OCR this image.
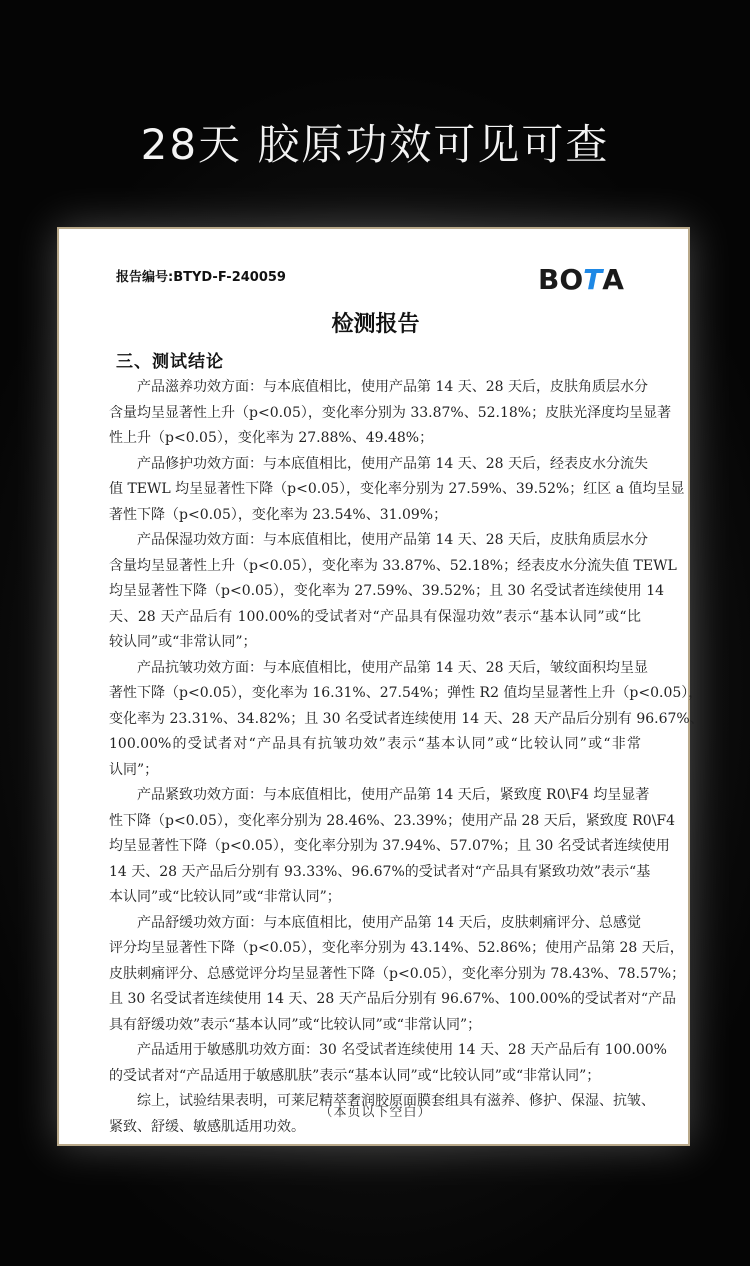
28天 胶原功效可见可查
报告编号:BTYD-F-240059	BOTA
检测报告
三、测试结论
产品滋养功效方面：与本底值相比，使用产品第 14 天、28 天后，皮肤角质层水分
含量均呈显著性上升（p<0.05），变化率分别为 33.87%、52.18%；皮肤光泽度均呈显著
性上升（p<0.05），变化率为 27.88%、49.48%；
产品修护功效方面：与本底值相比，使用产品第 14 天、28 天后，经表皮水分流失
值 TEWL 均呈显著性下降（p<0.05），变化率分别为 27.59%、39.52%；红区 a 值均呈显
著性下降（p<0.05），变化率为 23.54%、31.09%；
产品保湿功效方面：与本底值相比，使用产品第 14 天、28 天后，皮肤角质层水分
含量均呈显著性上升（p<0.05），变化率为 33.87%、52.18%；经表皮水分流失值 TEWL
均呈显著性下降（p<0.05），变化率为 27.59%、39.52%；且 30 名受试者连续使用 14
天、28 天产品后有 100.00%的受试者对“产品具有保湿功效”表示“基本认同”或“比
较认同”或“非常认同”；
产品抗皱功效方面：与本底值相比，使用产品第 14 天、28 天后，皱纹面积均呈显
著性下降（p<0.05），变化率为 16.31%、27.54%；弹性 R2 值均呈显著性上升（p<0.05），
变化率为 23.31%、34.82%；且 30 名受试者连续使用 14 天、28 天产品后分别有 96.67%、
100.00%的受试者对“产品具有抗皱功效”表示“基本认同”或“比较认同”或“非常
认同”；
产品紧致功效方面：与本底值相比，使用产品第 14 天后，紧致度 R0\F4 均呈显著
性下降（p<0.05），变化率分别为 28.46%、23.39%；使用产品 28 天后，紧致度 R0\F4
均呈显著性下降（p<0.05），变化率分别为 37.94%、57.07%；且 30 名受试者连续使用
14 天、28 天产品后分别有 93.33%、96.67%的受试者对“产品具有紧致功效”表示“基
本认同”或“比较认同”或“非常认同”；
产品舒缓功效方面：与本底值相比，使用产品第 14 天后，皮肤刺痛评分、总感觉
评分均呈显著性下降（p<0.05），变化率分别为 43.14%、52.86%；使用产品第 28 天后，
皮肤刺痛评分、总感觉评分均呈显著性下降（p<0.05），变化率分别为 78.43%、78.57%；
且 30 名受试者连续使用 14 天、28 天产品后分别有 96.67%、100.00%的受试者对“产品
具有舒缓功效”表示“基本认同”或“比较认同”或“非常认同”；
产品适用于敏感肌功效方面：30 名受试者连续使用 14 天、28 天产品后有 100.00%
的受试者对“产品适用于敏感肌肤”表示“基本认同”或“比较认同”或“非常认同”；
综上，试验结果表明，可莱尼精萃奢润胶原面膜套组具有滋养、修护、保湿、抗皱、
紧致、舒缓、敏感肌适用功效。
（本页以下空白）
